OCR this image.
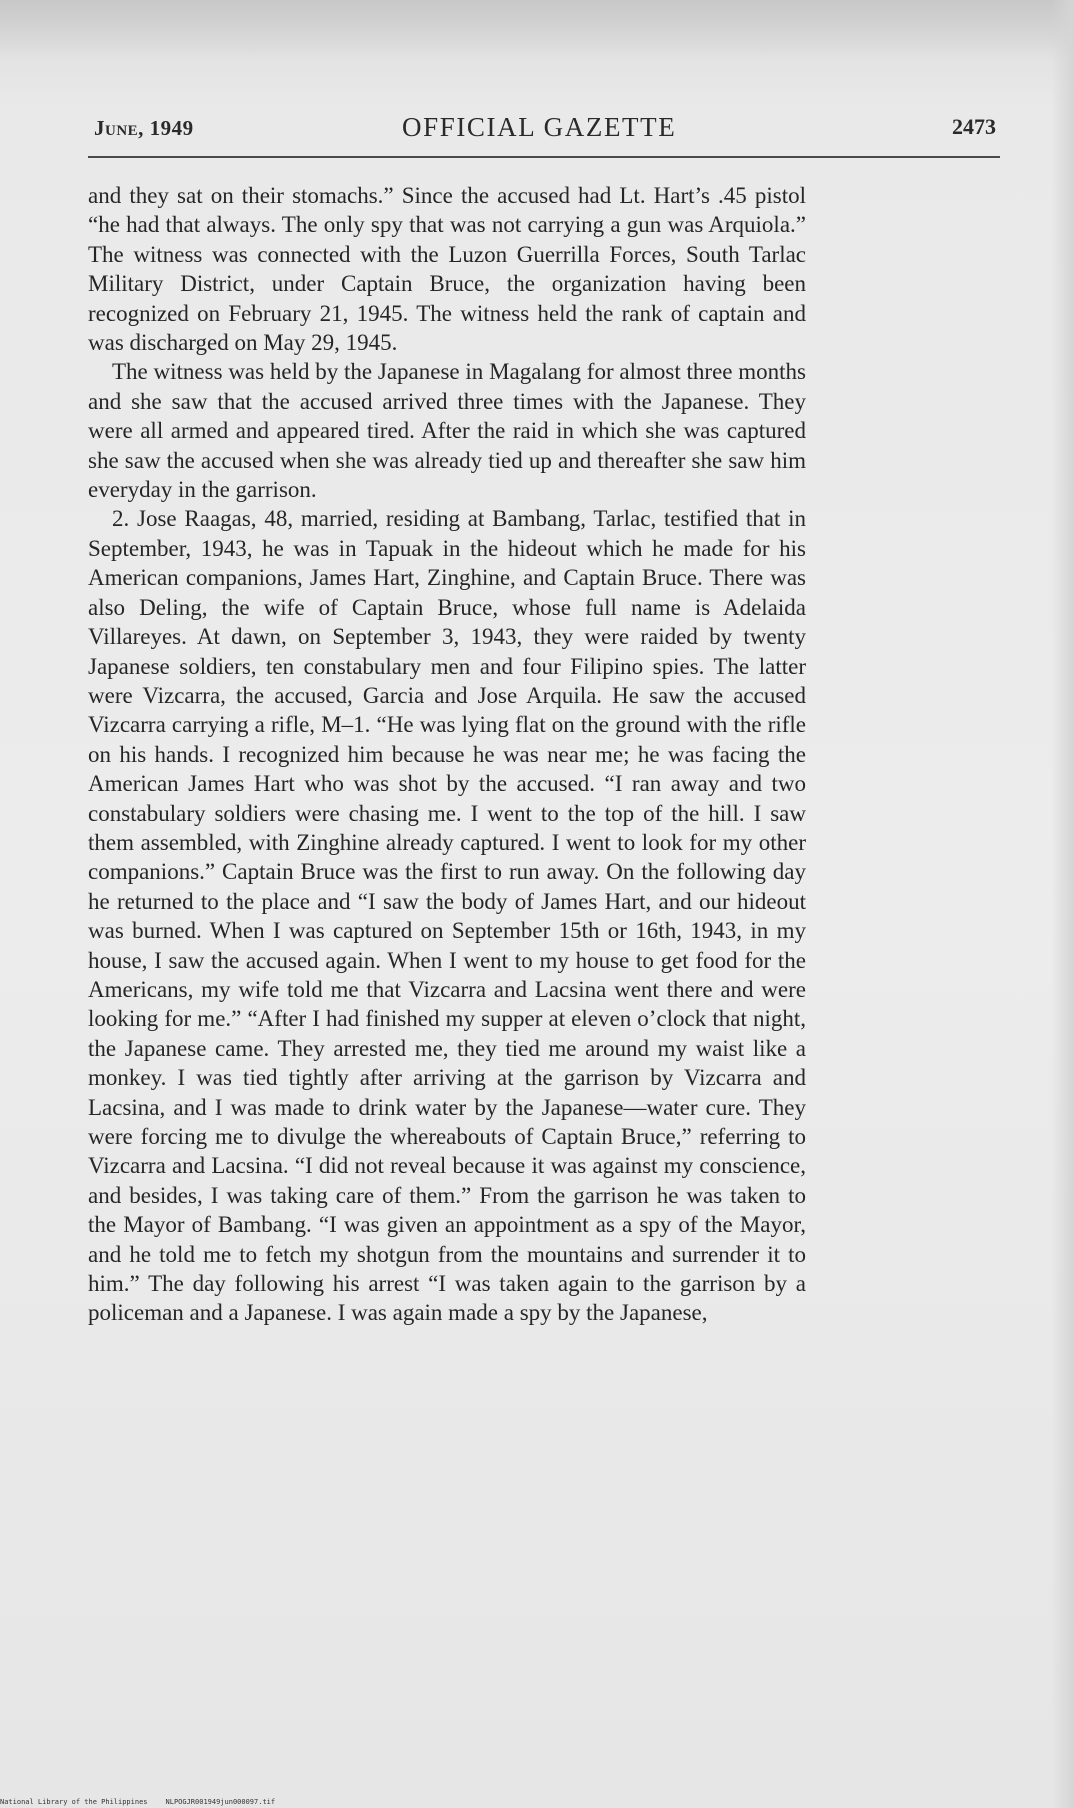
June, 1949	OFFICIAL GAZETTE	2473

and they sat on their stomachs.” Since the accused had Lt. Hart’s .45 pistol “he had that always. The only spy that was not carrying a gun was Arquiola.” The witness was connected with the Luzon Guerrilla Forces, South Tarlac Military District, under Captain Bruce, the organization having been recognized on February 21, 1945. The witness held the rank of captain and was discharged on May 29, 1945.

The witness was held by the Japanese in Magalang for almost three months and she saw that the accused arrived three times with the Japanese. They were all armed and appeared tired. After the raid in which she was captured she saw the accused when she was already tied up and thereafter she saw him everyday in the garrison.

2. Jose Raagas, 48, married, residing at Bambang, Tarlac, testified that in September, 1943, he was in Tapuak in the hideout which he made for his American companions, James Hart, Zinghine, and Captain Bruce. There was also Deling, the wife of Captain Bruce, whose full name is Adelaida Villareyes. At dawn, on September 3, 1943, they were raided by twenty Japanese soldiers, ten constabulary men and four Filipino spies. The latter were Vizcarra, the accused, Garcia and Jose Arquila. He saw the accused Vizcarra carrying a rifle, M–1. “He was lying flat on the ground with the rifle on his hands. I recognized him because he was near me; he was facing the American James Hart who was shot by the accused. “I ran away and two constabulary soldiers were chasing me. I went to the top of the hill. I saw them assembled, with Zinghine already captured. I went to look for my other companions.” Captain Bruce was the first to run away. On the following day he returned to the place and “I saw the body of James Hart, and our hideout was burned. When I was captured on September 15th or 16th, 1943, in my house, I saw the accused again. When I went to my house to get food for the Americans, my wife told me that Vizcarra and Lacsina went there and were looking for me.” “After I had finished my supper at eleven o’clock that night, the Japanese came. They arrested me, they tied me around my waist like a monkey. I was tied tightly after arriving at the garrison by Vizcarra and Lacsina, and I was made to drink water by the Japanese—water cure. They were forcing me to divulge the whereabouts of Captain Bruce,” referring to Vizcarra and Lacsina. “I did not reveal because it was against my conscience, and besides, I was taking care of them.” From the garrison he was taken to the Mayor of Bambang. “I was given an appointment as a spy of the Mayor, and he told me to fetch my shotgun from the mountains and surrender it to him.” The day following his arrest “I was taken again to the garrison by a policeman and a Japanese. I was again made a spy by the Japanese,

National Library of the Philippines	NLPOGJR001949jun000097.tif
